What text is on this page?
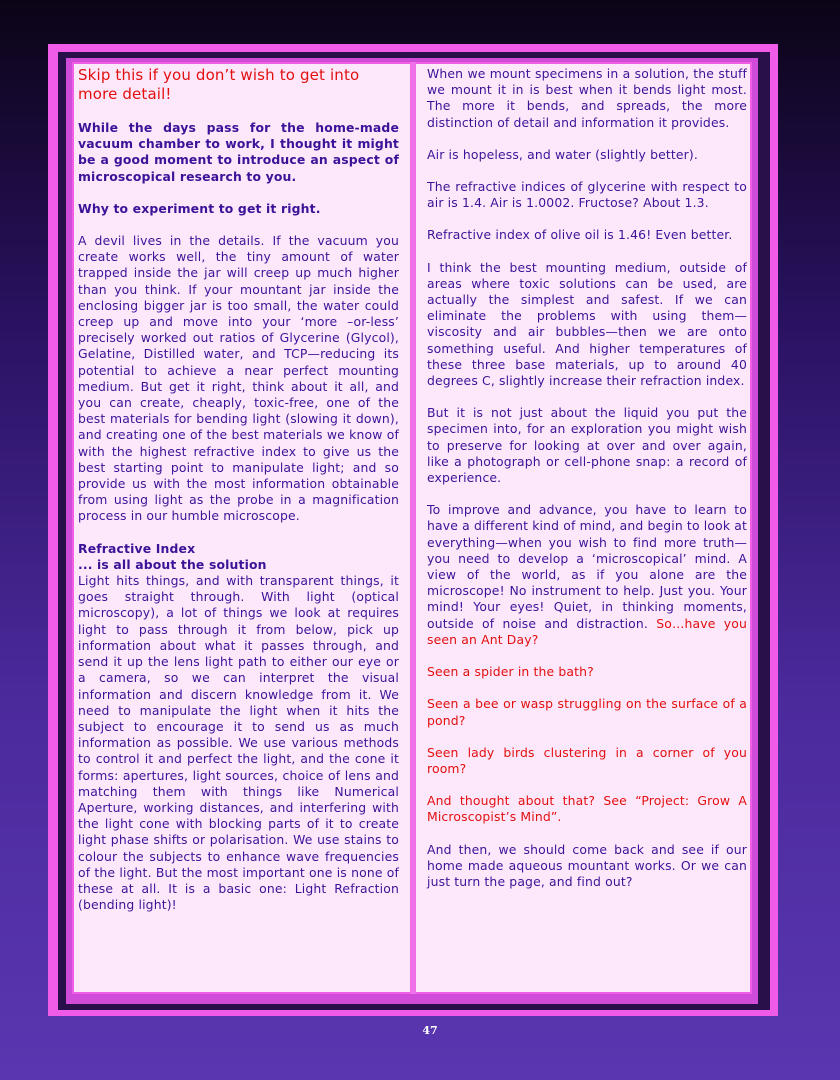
Skip this if you don’t wish to get into more detail!

While the days pass for the home-made vacuum chamber to work, I thought it might be a good moment to introduce an aspect of microscopical research to you.

Why to experiment to get it right.

A devil lives in the details. If the vacuum you create works well, the tiny amount of water trapped inside the jar will creep up much higher than you think. If your mountant jar inside the enclosing bigger jar is too small, the water could creep up and move into your ‘more –or-less’ precisely worked out ratios of Glycerine (Glycol), Gelatine, Distilled water, and TCP—reducing its potential to achieve a near perfect mounting medium. But get it right, think about it all, and you can create, cheaply, toxic-free, one of the best materials for bending light (slowing it down), and creating one of the best materials we know of with the highest refractive index to give us the best starting point to manipulate light; and so provide us with the most information obtainable from using light as the probe in a magnification process in our humble microscope.

Refractive Index

... is all about the solution

Light hits things, and with transparent things, it goes straight through. With light (optical microscopy), a lot of things we look at requires light to pass through it from below, pick up information about what it passes through, and send it up the lens light path to either our eye or a camera, so we can interpret the visual information and discern knowledge from it. We need to manipulate the light when it hits the subject to encourage it to send us as much information as possible. We use various methods to control it and perfect the light, and the cone it forms: apertures, light sources, choice of lens and matching them with things like Numerical Aperture, working distances, and interfering with the light cone with blocking parts of it to create light phase shifts or polarisation. We use stains to colour the subjects to enhance wave frequencies of the light. But the most important one is none of these at all. It is a basic one: Light Refraction (bending light)!

When we mount specimens in a solution, the stuff we mount it in is best when it bends light most. The more it bends, and spreads, the more distinction of detail and information it provides.

Air is hopeless, and water (slightly better).

The refractive indices of glycerine with respect to air is 1.4. Air is 1.0002. Fructose? About 1.3.

Refractive index of olive oil is 1.46! Even better.

I think the best mounting medium, outside of areas where toxic solutions can be used, are actually the simplest and safest. If we can eliminate the problems with using them—viscosity and air bubbles—then we are onto something useful. And higher temperatures of these three base materials, up to around 40 degrees C, slightly increase their refraction index.

But it is not just about the liquid you put the specimen into, for an exploration you might wish to preserve for looking at over and over again, like a photograph or cell-phone snap: a record of experience.

To improve and advance, you have to learn to have a different kind of mind, and begin to look at everything—when you wish to find more truth—you need to develop a ‘microscopical’ mind. A view of the world, as if you alone are the microscope! No instrument to help. Just you. Your mind! Your eyes! Quiet, in thinking moments, outside of noise and distraction. So…have you seen an Ant Day?

Seen a spider in the bath?

Seen a bee or wasp struggling on the surface of a pond?

Seen lady birds clustering in a corner of you room?

And thought about that? See “Project: Grow A Microscopist’s Mind”.

And then, we should come back and see if our home made aqueous mountant works. Or we can just turn the page, and find out?

47
